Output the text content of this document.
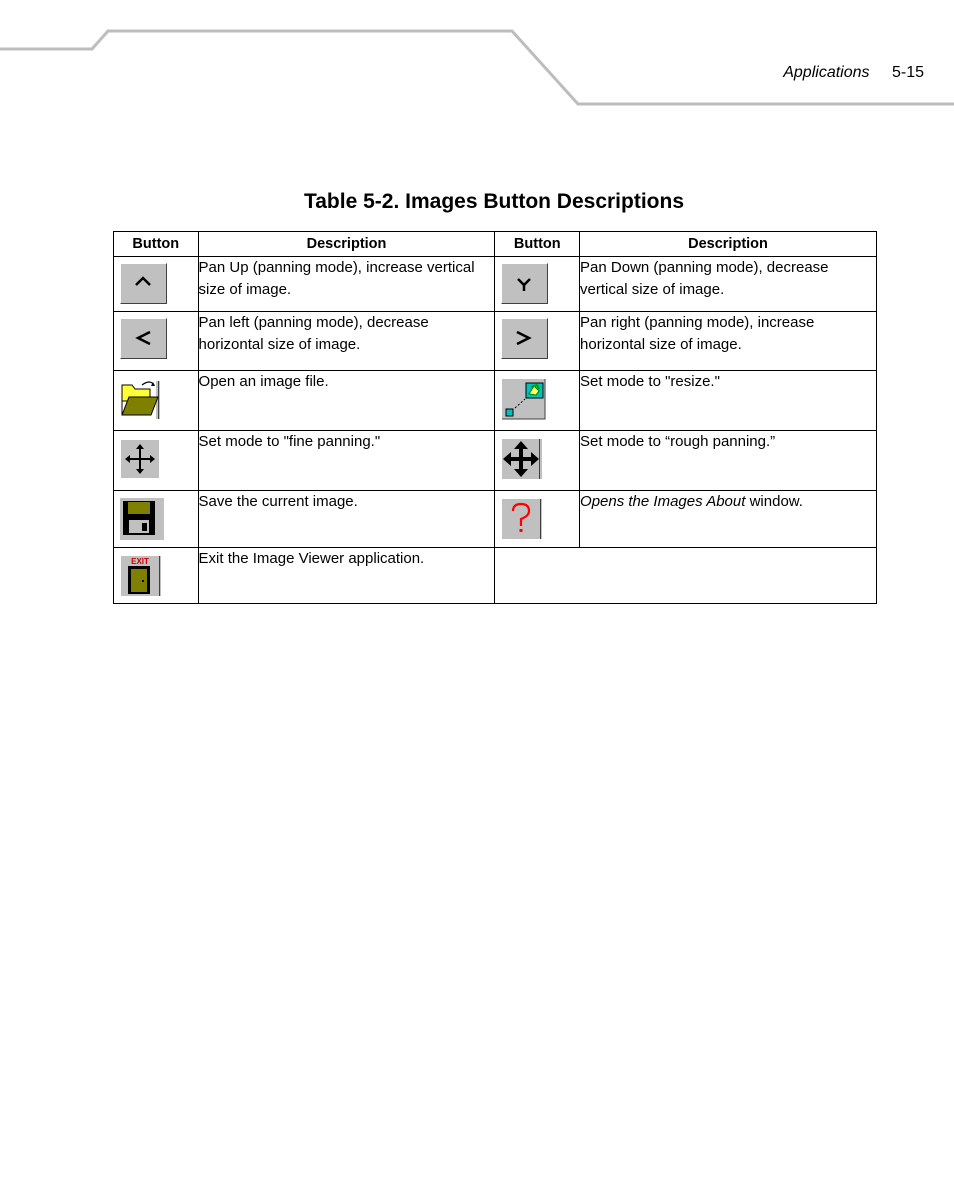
Applications 5-15
Table 5-2. Images Button Descriptions
Button	Description	Button	Description

	Pan Up (panning mode), increase vertical size of image.		Pan Down (panning mode), decrease vertical size of image.

	Pan left (panning mode), decrease horizontal size of image.		Pan right (panning mode), increase horizontal size of image.

	Open an image file.		Set mode to "resize."

	Set mode to "fine panning."		Set mode to “rough panning.”

	Save the current image.		Opens the Images About window.

EXIT	Exit the Image Viewer application.		
